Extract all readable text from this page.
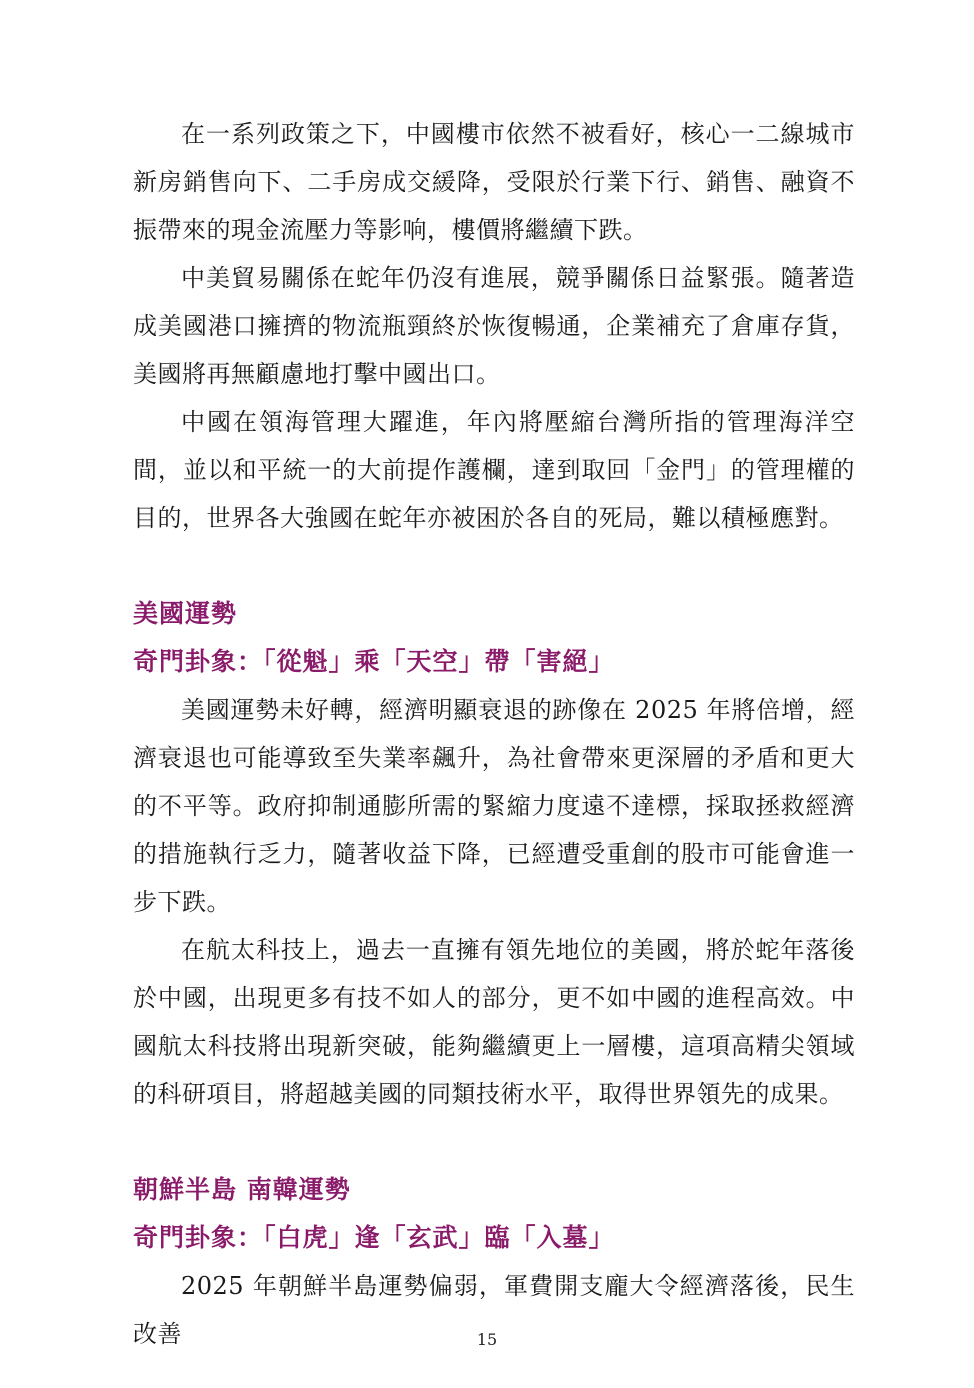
在一系列政策之下，中國樓市依然不被看好，核心一二線城市新房銷售向下、二手房成交緩降，受限於行業下行、銷售、融資不振帶來的現金流壓力等影响，樓價將繼續下跌。

中美貿易關係在蛇年仍沒有進展，競爭關係日益緊張。隨著造成美國港口擁擠的物流瓶頸終於恢復暢通，企業補充了倉庫存貨，美國將再無顧慮地打擊中國出口。

中國在領海管理大躍進，年內將壓縮台灣所指的管理海洋空間，並以和平統一的大前提作護欄，達到取回「金門」的管理權的目的，世界各大強國在蛇年亦被困於各自的死局，難以積極應對。

美國運勢
奇門卦象：「從魁」乘「天空」帶「害絕」

美國運勢未好轉，經濟明顯衰退的跡像在 2025 年將倍增，經濟衰退也可能導致至失業率飆升，為社會帶來更深層的矛盾和更大的不平等。政府抑制通膨所需的緊縮力度遠不達標，採取拯救經濟的措施執行乏力，隨著收益下降，已經遭受重創的股市可能會進一步下跌。

在航太科技上，過去一直擁有領先地位的美國，將於蛇年落後於中國，出現更多有技不如人的部分，更不如中國的進程高效。中國航太科技將出現新突破，能夠繼續更上一層樓，這項高精尖領域的科研項目，將超越美國的同類技術水平，取得世界領先的成果。

朝鮮半島 南韓運勢
奇門卦象：「白虎」逢「玄武」臨「入墓」

2025 年朝鮮半島運勢偏弱，軍費開支龐大令經濟落後，民生改善	15
